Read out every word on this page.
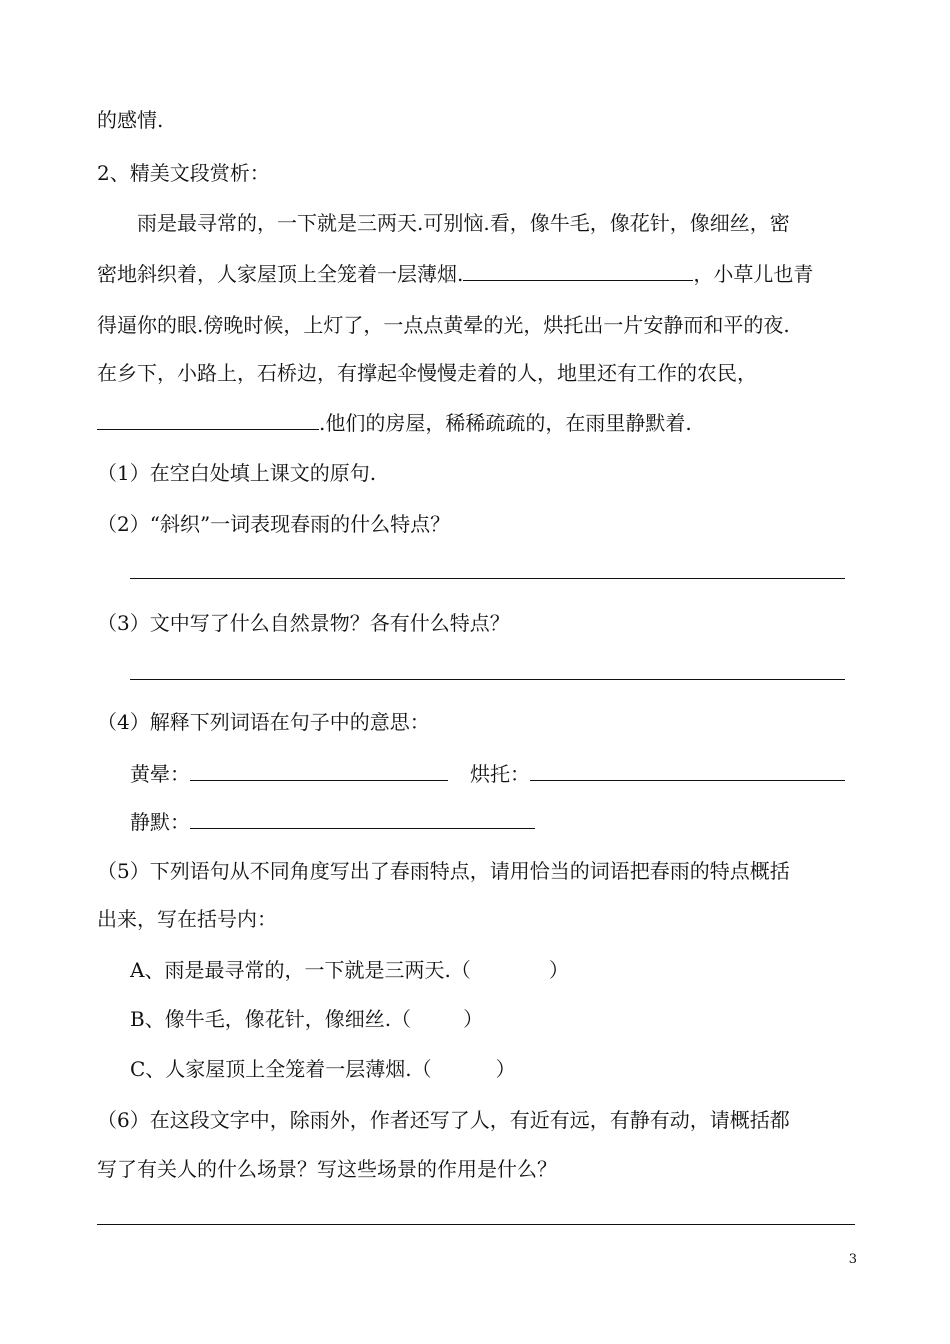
的感情.
2、精美文段赏析：
雨是最寻常的，一下就是三两天.可别恼.看，像牛毛，像花针，像细丝，密
密地斜织着，人家屋顶上全笼着一层薄烟.	，小草儿也青
得逼你的眼.傍晚时候，上灯了，一点点黄晕的光，烘托出一片安静而和平的夜.
在乡下，小路上，石桥边，有撑起伞慢慢走着的人，地里还有工作的农民，
.他们的房屋，稀稀疏疏的，在雨里静默着.
（1）在空白处填上课文的原句.
（2）“斜织”一词表现春雨的什么特点？
（3）文中写了什么自然景物？各有什么特点？
（4）解释下列词语在句子中的意思：
黄晕：	烘托：
静默：
（5）下列语句从不同角度写出了春雨特点，请用恰当的词语把春雨的特点概括
出来，写在括号内：
A、雨是最寻常的，一下就是三两天.（	）
B、像牛毛，像花针，像细丝.（	）
C、人家屋顶上全笼着一层薄烟.（	）
（6）在这段文字中，除雨外，作者还写了人，有近有远，有静有动，请概括都
写了有关人的什么场景？写这些场景的作用是什么？
3
